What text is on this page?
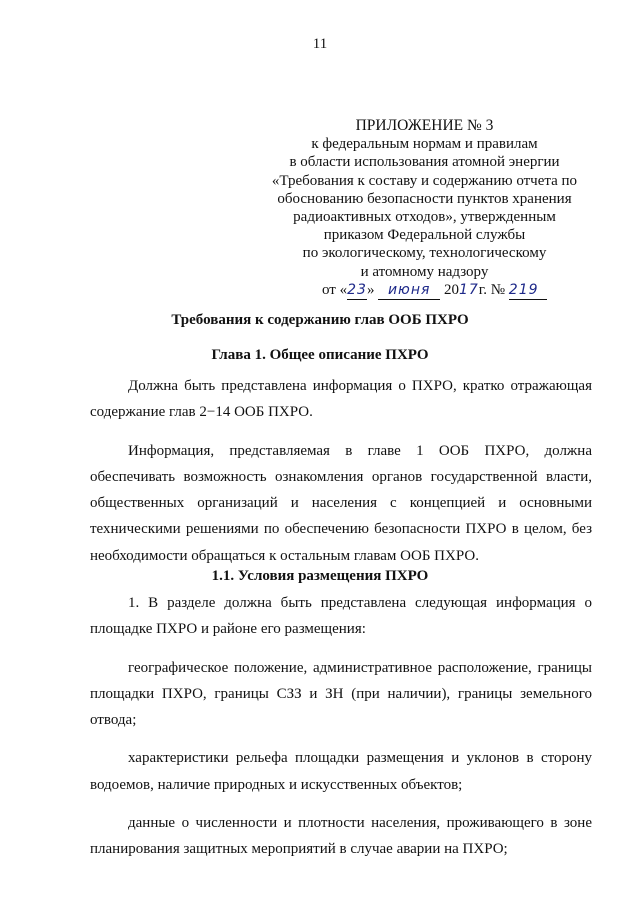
11
ПРИЛОЖЕНИЕ № 3
к федеральным нормам и правилам
в области использования атомной энергии
«Требования к составу и содержанию отчета по
обоснованию безопасности пунктов хранения
радиоактивных отходов», утвержденным
приказом Федеральной службы
по экологическому, технологическому
и атомному надзору
от «23» июня 2017г. № 219
Требования к содержанию глав ООБ ПХРО
Глава 1. Общее описание ПХРО

Должна быть представлена информация о ПХРО, кратко отражающая содержание глав 2−14 ООБ ПХРО.

Информация, представляемая в главе 1 ООБ ПХРО, должна обеспечивать возможность ознакомления органов государственной власти, общественных организаций и населения с концепцией и основными техническими решениями по обеспечению безопасности ПХРО в целом, без необходимости обращаться к остальным главам ООБ ПХРО.

1.1. Условия размещения ПХРО

1. В разделе должна быть представлена следующая информация о площадке ПХРО и районе его размещения:

географическое положение, административное расположение, границы площадки ПХРО, границы СЗЗ и ЗН (при наличии), границы земельного отвода;

характеристики рельефа площадки размещения и уклонов в сторону водоемов, наличие природных и искусственных объектов;

данные о численности и плотности населения, проживающего в зоне планирования защитных мероприятий в случае аварии на ПХРО;
